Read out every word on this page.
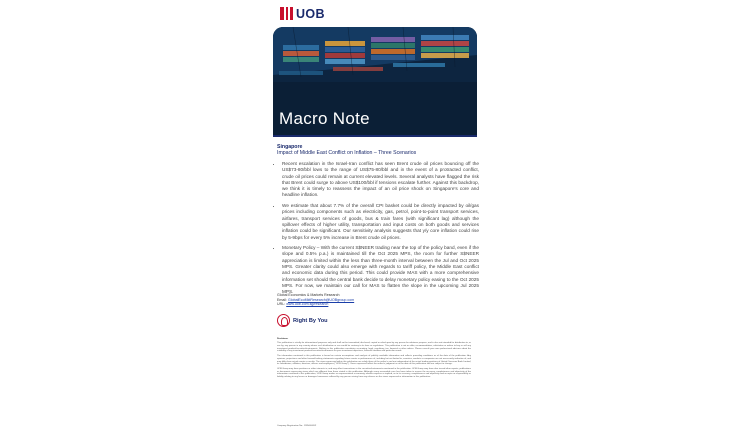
UOB
Macro Note
Singapore
Impact of Middle East Conflict on Inflation – Three Scenarios
• Recent escalation in the Israel-Iran conflict has seen Brent crude oil prices bouncing off the US$73-80/bbl lows to the range of US$75-80/bbl and in the event of a protracted conflict, crude oil prices could remain at current elevated levels. Several analysts have flagged the risk that Brent could surge to above US$100/bbl if tensions escalate further. Against this backdrop, we think it is timely to reassess the impact of an oil price shock on Singapore's core and headline inflation.
• We estimate that about 7.7% of the overall CPI basket could be directly impacted by oil/gas prices including components such as electricity, gas, petrol, point-to-point transport services, airfares, transport services of goods, bus & train fares (with significant lag) although the spillover effects of higher utility, transportation and input costs on both goods and services inflation could be significant. Our sensitivity analysis suggests that y/y core inflation could rise by 5-9bps for every 5% increase in Brent crude oil prices.
• Monetary Policy – With the current S$NEER trading near the top of the policy band, even if the slope and 0.5% p.a.) is maintained till the Oct 2025 MPS, the room for further S$NEER appreciation is limited within the less than three-month interval between the Jul and Oct 2025 MPS. Greater clarity could also emerge with regards to tariff policy, the Middle East conflict and economic data during this period. This could provide MAS with a more comprehensive information set should the central bank decide to delay monetary policy easing to the Oct 2025 MPS. For now, we maintain our call for MAS to flatten the slope in the upcoming Jul 2025 MPS.
Global Economics & Markets Research
Email: GlobalEcoMktResearch@UOBgroup.com
URL: www.uob.com.sg/research
Right By You
Disclaimer

This publication is strictly for informational purposes only and shall not be transmitted, disclosed, copied or relied upon by any person for whatever purpose, and is also not intended for distribution to, or use by, any person in any country where such distribution or use would be contrary to its laws or regulations. This publication is not an offer, recommendation, solicitation or advice to buy or sell any investment product/securities/instruments. Nothing in this publication constitutes accounting, legal, regulatory, tax, financial or other advice. Please consult your own professional advisors about the suitability of any investment product/securities/instruments for your investment objectives, financial situation and particular needs.

The information contained in this publication is based on certain assumptions and analysis of publicly available information and reflects prevailing conditions as of the date of the publication. Any opinions, projections and other forward-looking statements regarding future events or performance of, including but not limited to, countries, markets or companies are not necessarily indicative of, and may differ from actual events or results. The views expressed within this publication are solely those of the author's and are independent of the actual trading positions of United Overseas Bank Limited, its subsidiaries, affiliates, directors, officers and employees ("UOB Group"). Views expressed reflect the author's judgment as at the date of this publication and are subject to change.

UOB Group may have positions or other interests in, and may effect transactions in the securities/instruments mentioned in the publication. UOB Group may have also issued other reports, publications or documents expressing views which are different from those stated in this publication. Although every reasonable care has been taken to ensure the accuracy, completeness and objectivity of the information contained in this publication, UOB Group makes no representation or warranty, whether express or implied, as to its accuracy, completeness and objectivity and accepts no responsibility or liability relating to any losses or damages howsoever suffered by any person arising from any reliance on the views expressed or information in this publication.

Company Registration No.: 193500026Z
